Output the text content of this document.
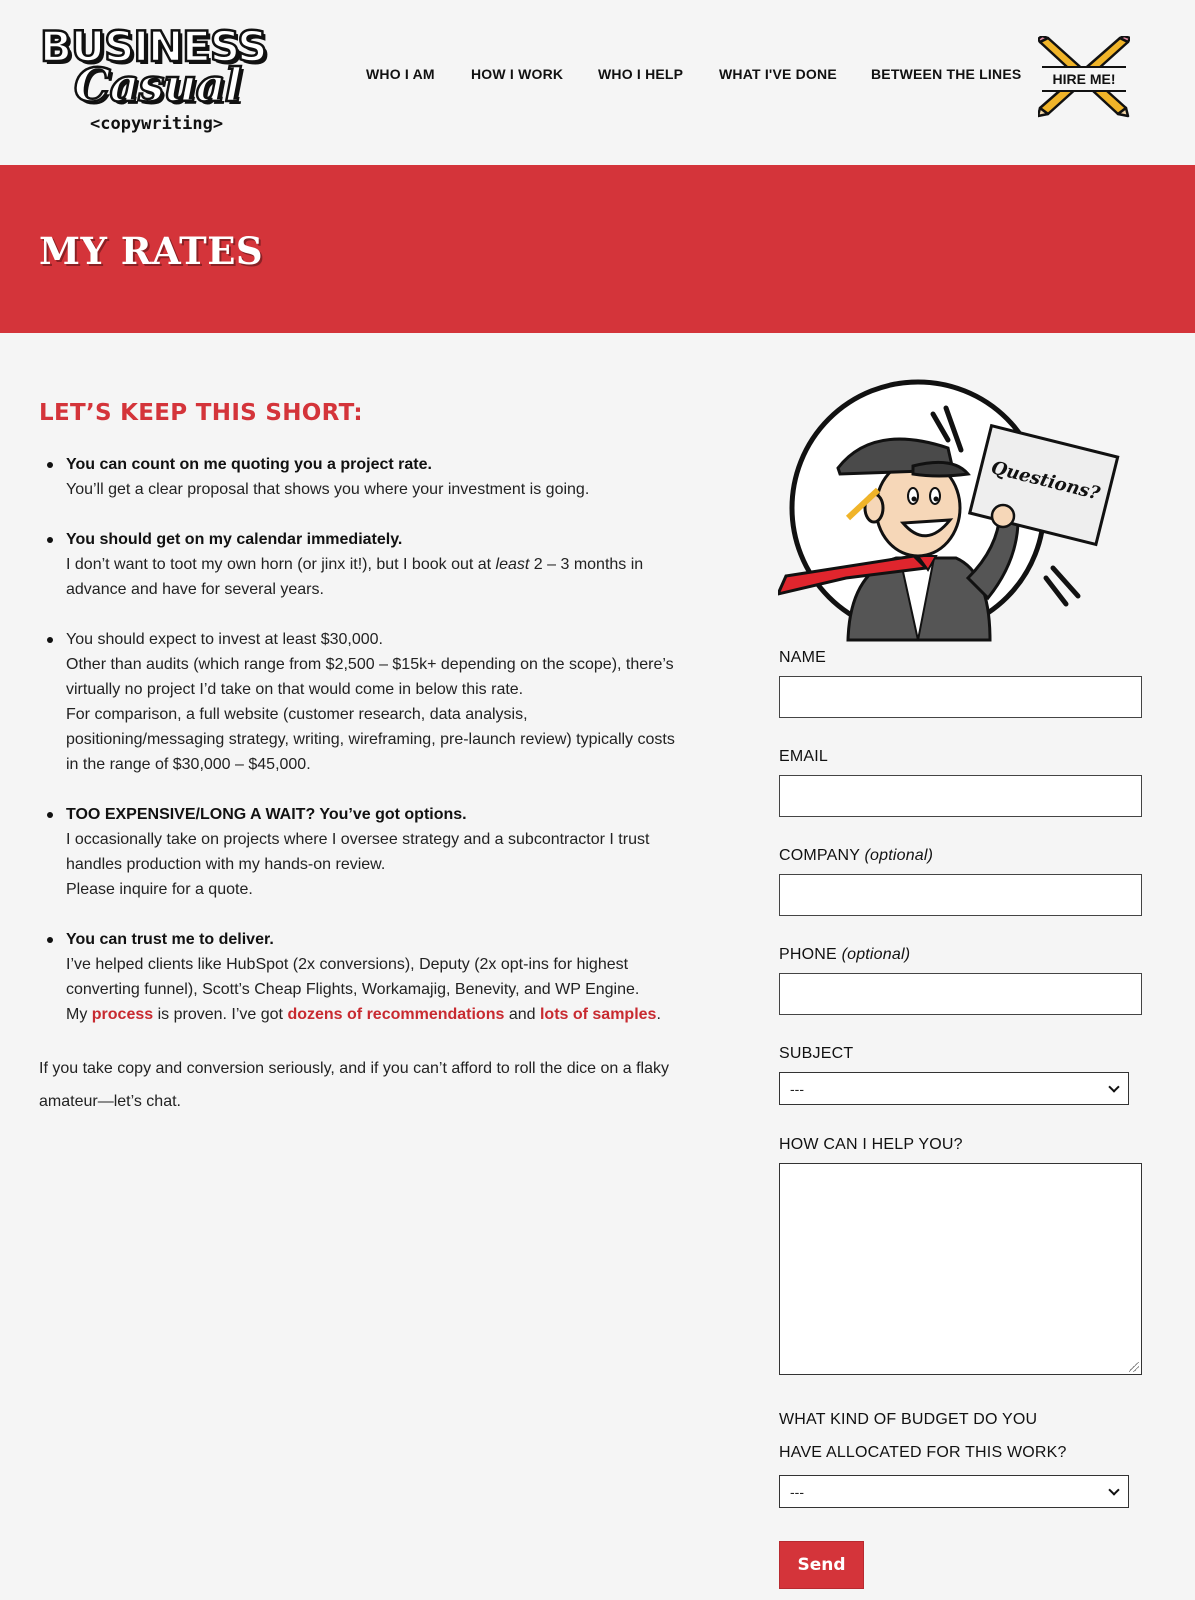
BUSINESS
Casual
<copywriting>
WHO I AM	HOW I WORK WHO I HELP	WHAT I'VE DONE BETWEEN THE LINES	HIRE ME!
MY RATES
LET’S KEEP THIS SHORT:
You can count on me quoting you a project rate.
You’ll get a clear proposal that shows you where your investment is going.
You should get on my calendar immediately.
I don’t want to toot my own horn (or jinx it!), but I book out at least 2 – 3 months in advance and have for several years.
You should expect to invest at least $30,000.
Other than audits (which range from $2,500 – $15k+ depending on the scope), there’s virtually no project I’d take on that would come in below this rate.
For comparison, a full website (customer research, data analysis, positioning/messaging strategy, writing, wireframing, pre-launch review) typically costs in the range of $30,000 – $45,000.
TOO EXPENSIVE/LONG A WAIT? You’ve got options.
I occasionally take on projects where I oversee strategy and a subcontractor I trust handles production with my hands-on review.
Please inquire for a quote.
You can trust me to deliver.
I’ve helped clients like HubSpot (2x conversions), Deputy (2x opt-ins for highest converting funnel), Scott’s Cheap Flights, Workamajig, Benevity, and WP Engine.
My process is proven. I’ve got dozens of recommendations and lots of samples.

If you take copy and conversion seriously, and if you can’t afford to roll the dice on a flaky amateur—let’s chat.

Questions?
NAME
EMAIL
COMPANY (optional)
PHONE (optional)
SUBJECT
---
HOW CAN I HELP YOU?
WHAT KIND OF BUDGET DO YOU HAVE ALLOCATED FOR THIS WORK?
---
Send
